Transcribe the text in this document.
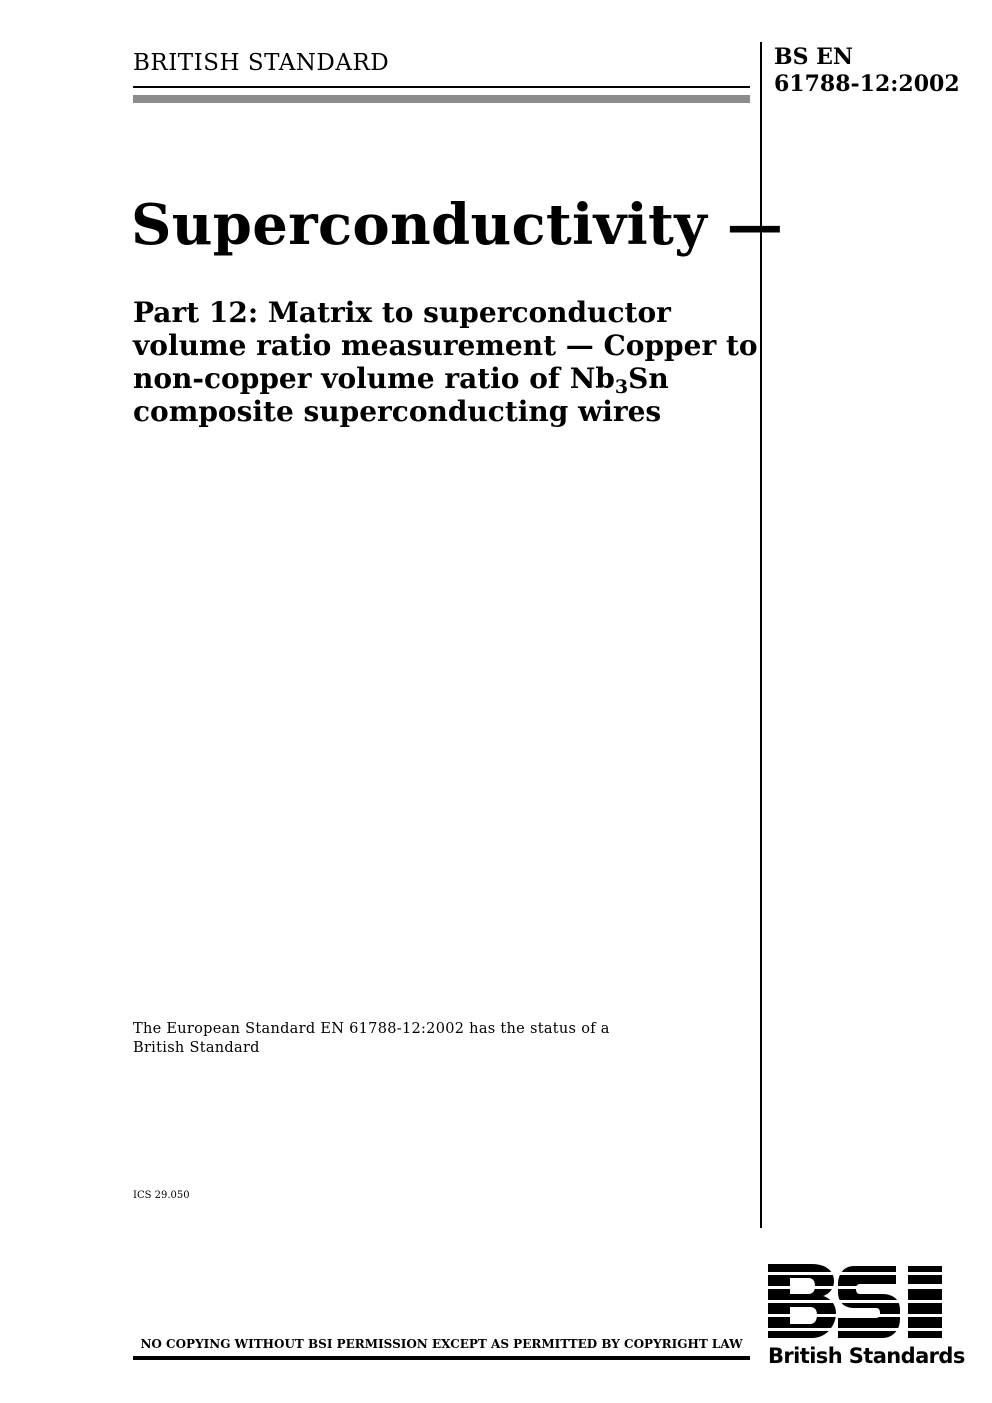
BRITISH STANDARD	BS EN
61788-12:2002
Superconductivity —
Part 12: Matrix to superconductor volume ratio measurement — Copper to non-copper volume ratio of $Nb_3Sn$ composite superconducting wires
The European Standard EN 61788-12:2002 has the status of a British Standard
ICS 29.050
NO COPYING WITHOUT BSI PERMISSION EXCEPT AS PERMITTED BY COPYRIGHT LAW	British Standards
